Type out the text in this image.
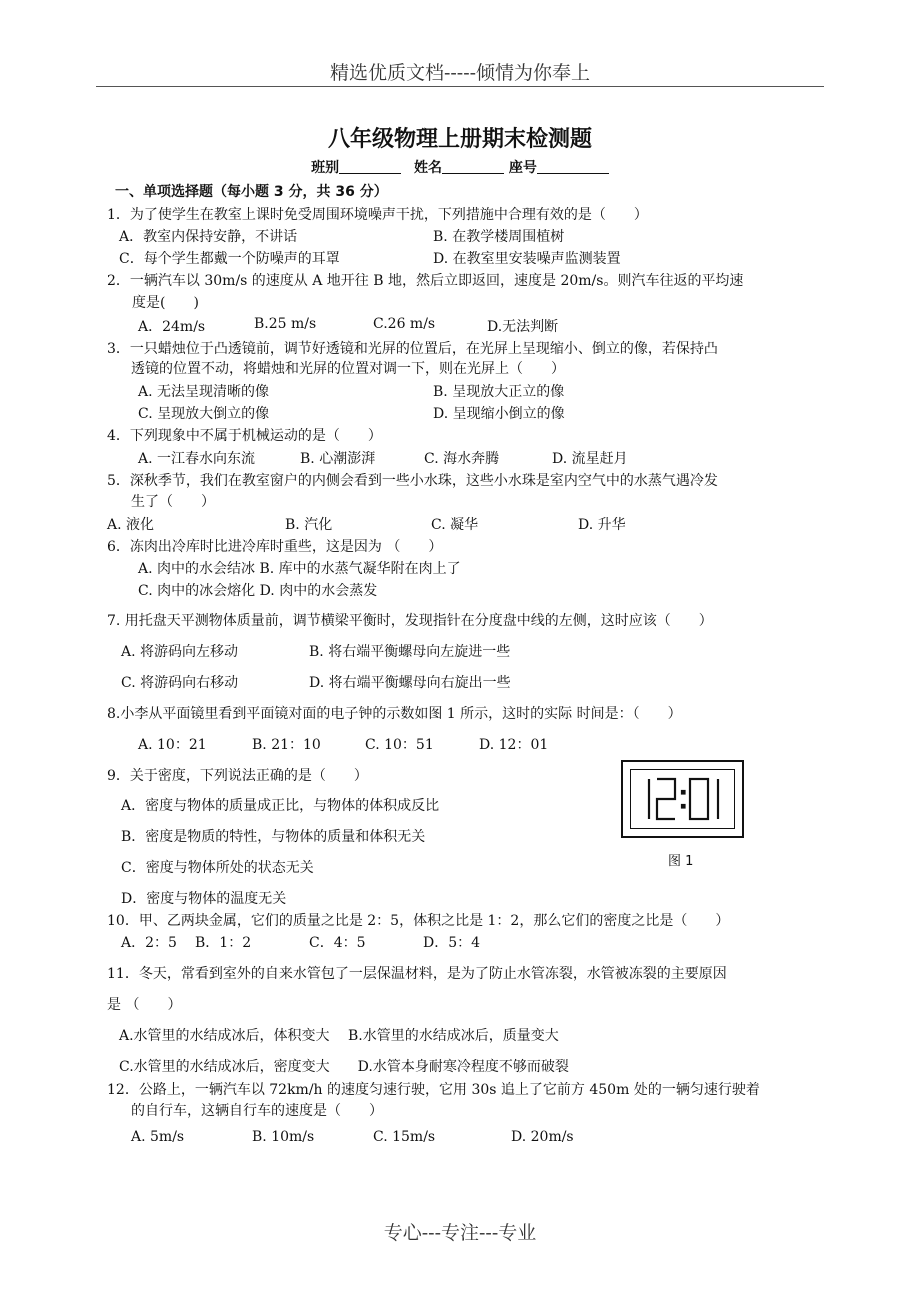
精选优质文档-----倾情为你奉上
八年级物理上册期末检测题
班别	姓名	座号
一、单项选择题（每小题 3 分，共 36 分）
1．为了使学生在教室上课时免受周围环境噪声干扰，下列措施中合理有效的是（　　）
A．教室内保持安静，不讲话	B. 在教学楼周围植树
C．每个学生都戴一个防噪声的耳罩	D. 在教室里安装噪声监测装置
2．一辆汽车以 30m/s 的速度从 A 地开往 B 地，然后立即返回，速度是 20m/s。则汽车往返的平均速
度是(　　)
A．24m/s	B.25 m/s	C.26 m/s	D.无法判断
3．一只蜡烛位于凸透镜前，调节好透镜和光屏的位置后，在光屏上呈现缩小、倒立的像，若保持凸
透镜的位置不动，将蜡烛和光屏的位置对调一下，则在光屏上（　　）
A. 无法呈现清晰的像	B. 呈现放大正立的像
C. 呈现放大倒立的像	D. 呈现缩小倒立的像
4．下列现象中不属于机械运动的是（　　）
A. 一江春水向东流	B. 心潮澎湃	C. 海水奔腾	D. 流星赶月
5．深秋季节，我们在教室窗户的内侧会看到一些小水珠，这些小水珠是室内空气中的水蒸气遇冷发
生了（　　）
A. 液化	B. 汽化	C. 凝华	D. 升华
6．冻肉出冷库时比进冷库时重些，这是因为 （　　）
A. 肉中的水会结冰 B. 库中的水蒸气凝华附在肉上了
C. 肉中的冰会熔化 D. 肉中的水会蒸发
7. 用托盘天平测物体质量前，调节横梁平衡时，发现指针在分度盘中线的左侧，这时应该（　　）
A. 将游码向左移动	B. 将右端平衡螺母向左旋进一些
C. 将游码向右移动	D. 将右端平衡螺母向右旋出一些
8.小李从平面镜里看到平面镜对面的电子钟的示数如图 1 所示，这时的实际 时间是：（　　）
A. 10：21	B. 21：10	C. 10：51	D. 12：01
9．关于密度，下列说法正确的是（　　）
A．密度与物体的质量成正比，与物体的体积成反比
B．密度是物质的特性，与物体的质量和体积无关
C．密度与物体所处的状态无关
D．密度与物体的温度无关
图 1
10．甲、乙两块金属，它们的质量之比是 2：5，体积之比是 1：2，那么它们的密度之比是（　　）
A．2：5 B．1：2	C．4：5	D．5：4
11．冬天，常看到室外的自来水管包了一层保温材料，是为了防止水管冻裂，水管被冻裂的主要原因
是 （　　）
A.水管里的水结成冰后，体积变大　 B.水管里的水结成冰后，质量变大
C.水管里的水结成冰后，密度变大　　D.水管本身耐寒冷程度不够而破裂
12．公路上，一辆汽车以 72km/h 的速度匀速行驶，它用 30s 追上了它前方 450m 处的一辆匀速行驶着
的自行车，这辆自行车的速度是（　　）
A. 5m/s	B. 10m/s	C. 15m/s	D. 20m/s
专心---专注---专业
